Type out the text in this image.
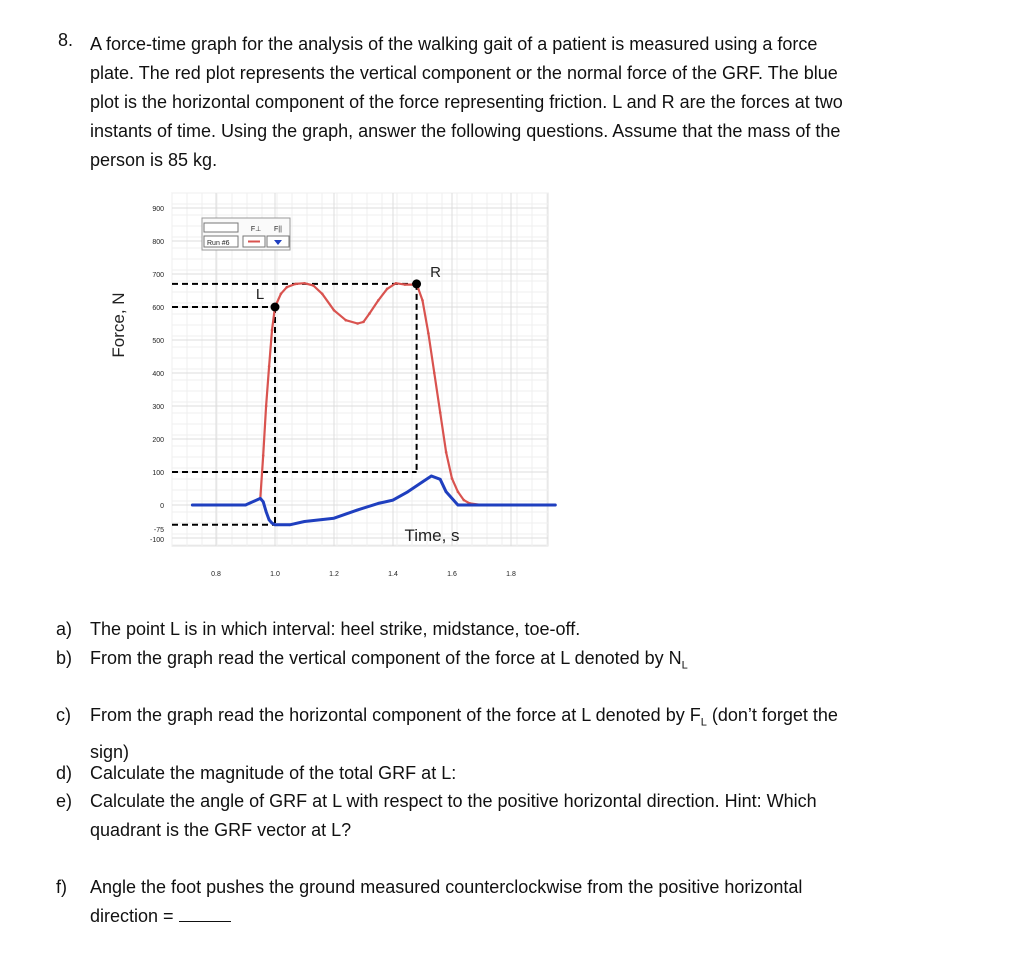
8. A force-time graph for the analysis of the walking gait of a patient is measured using a force
plate. The red plot represents the vertical component or the normal force of the GRF. The blue
plot is the horizontal component of the force representing friction. L and R are the forces at two
instants of time. Using the graph, answer the following questions. Assume that the mass of the
person is 85 kg.
900
800
700
600
500
400
300
200
100
0
-75
-100
0.8	1.0	1.2	1.4	1.6	1.8
Time, s
Force, N
F⊥ F||
Run #6
L
R
a) The point L is in which interval: heel strike, midstance, toe-off.
b) From the graph read the vertical component of the force at L denoted by $N_L$
c) From the graph read the horizontal component of the force at L denoted by $F_L$ (don’t forget the
sign)
d) Calculate the magnitude of the total GRF at L:
e) Calculate the angle of GRF at L with respect to the positive horizontal direction. Hint: Which
quadrant is the GRF vector at L?
f) Angle the foot pushes the ground measured counterclockwise from the positive horizontal
direction =
